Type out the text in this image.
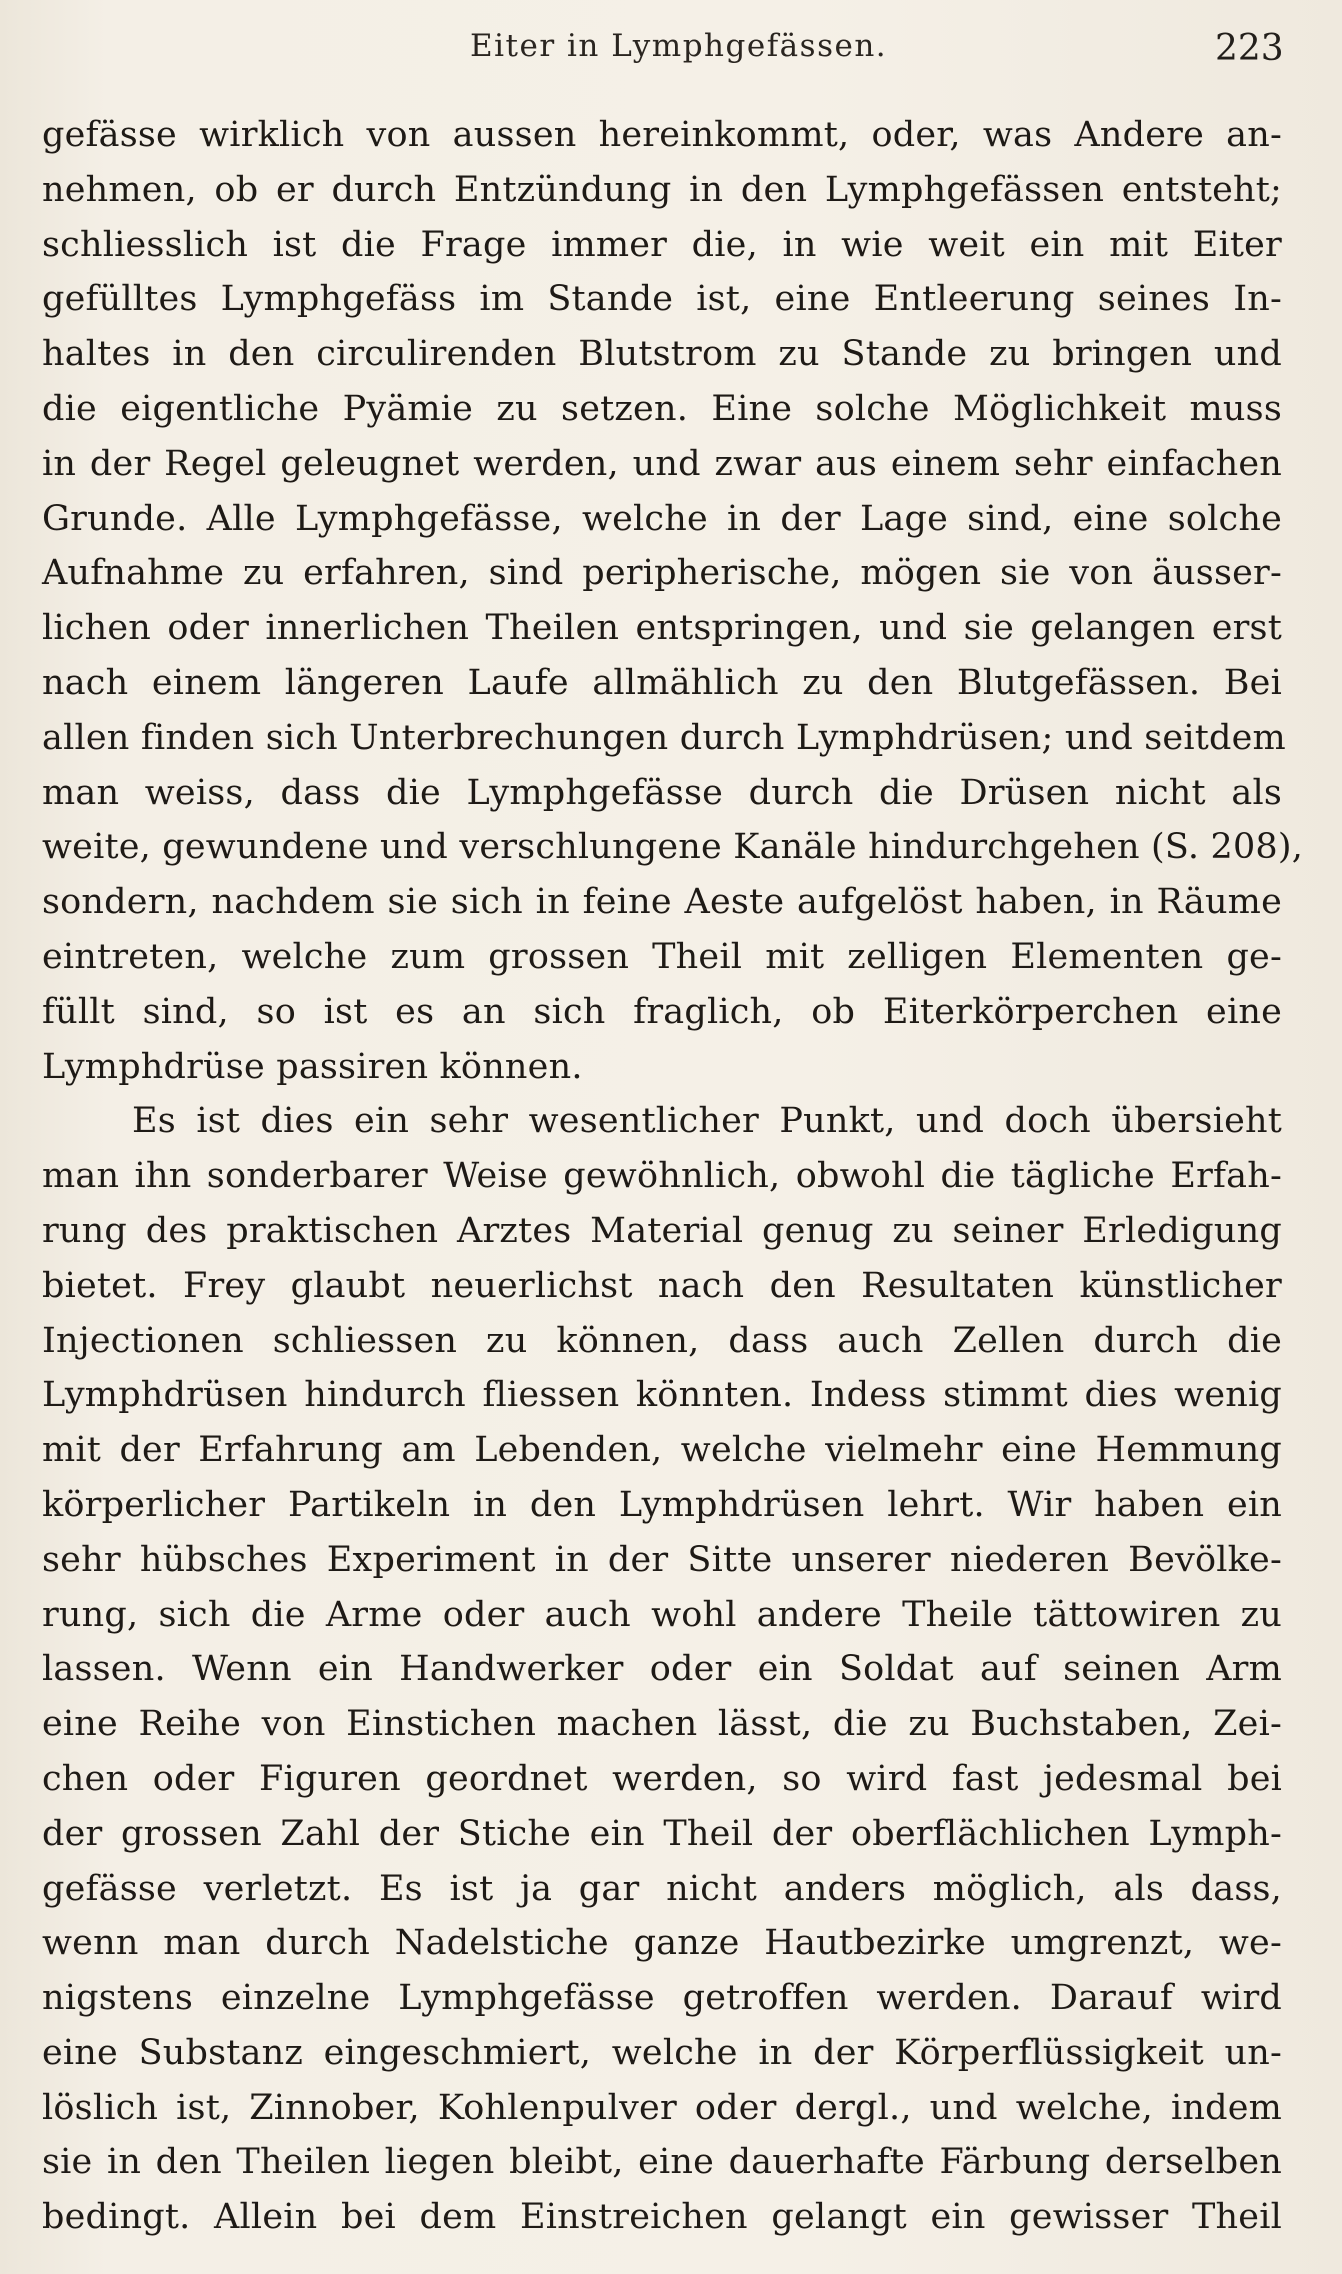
Eiter in Lymphgefässen.	223
gefässe wirklich von aussen hereinkommt, oder, was Andere an-
nehmen, ob er durch Entzündung in den Lymphgefässen entsteht;
schliesslich ist die Frage immer die, in wie weit ein mit Eiter
gefülltes Lymphgefäss im Stande ist, eine Entleerung seines In-
haltes in den circulirenden Blutstrom zu Stande zu bringen und
die eigentliche Pyämie zu setzen. Eine solche Möglichkeit muss
in der Regel geleugnet werden, und zwar aus einem sehr einfachen
Grunde. Alle Lymphgefässe, welche in der Lage sind, eine solche
Aufnahme zu erfahren, sind peripherische, mögen sie von äusser-
lichen oder innerlichen Theilen entspringen, und sie gelangen erst
nach einem längeren Laufe allmählich zu den Blutgefässen. Bei
allen finden sich Unterbrechungen durch Lymphdrüsen; und seitdem
man weiss, dass die Lymphgefässe durch die Drüsen nicht als
weite, gewundene und verschlungene Kanäle hindurchgehen (S. 208),
sondern, nachdem sie sich in feine Aeste aufgelöst haben, in Räume
eintreten, welche zum grossen Theil mit zelligen Elementen ge-
füllt sind, so ist es an sich fraglich, ob Eiterkörperchen eine
Lymphdrüse passiren können.
Es ist dies ein sehr wesentlicher Punkt, und doch übersieht
man ihn sonderbarer Weise gewöhnlich, obwohl die tägliche Erfah-
rung des praktischen Arztes Material genug zu seiner Erledigung
bietet. Frey glaubt neuerlichst nach den Resultaten künstlicher
Injectionen schliessen zu können, dass auch Zellen durch die
Lymphdrüsen hindurch fliessen könnten. Indess stimmt dies wenig
mit der Erfahrung am Lebenden, welche vielmehr eine Hemmung
körperlicher Partikeln in den Lymphdrüsen lehrt. Wir haben ein
sehr hübsches Experiment in der Sitte unserer niederen Bevölke-
rung, sich die Arme oder auch wohl andere Theile tättowiren zu
lassen. Wenn ein Handwerker oder ein Soldat auf seinen Arm
eine Reihe von Einstichen machen lässt, die zu Buchstaben, Zei-
chen oder Figuren geordnet werden, so wird fast jedesmal bei
der grossen Zahl der Stiche ein Theil der oberflächlichen Lymph-
gefässe verletzt. Es ist ja gar nicht anders möglich, als dass,
wenn man durch Nadelstiche ganze Hautbezirke umgrenzt, we-
nigstens einzelne Lymphgefässe getroffen werden. Darauf wird
eine Substanz eingeschmiert, welche in der Körperflüssigkeit un-
löslich ist, Zinnober, Kohlenpulver oder dergl., und welche, indem
sie in den Theilen liegen bleibt, eine dauerhafte Färbung derselben
bedingt. Allein bei dem Einstreichen gelangt ein gewisser Theil
